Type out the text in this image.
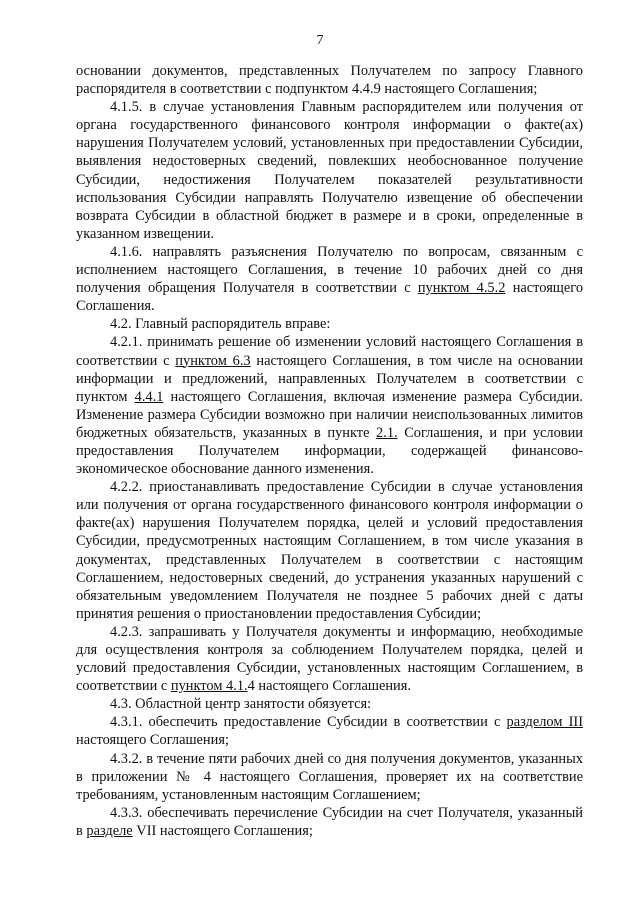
7

основании документов, представленных Получателем по запросу Главного распорядителя в соответствии с подпунктом 4.4.9 настоящего Соглашения;

4.1.5. в случае установления Главным распорядителем или получения от органа государственного финансового контроля информации о факте(ах) нарушения Получателем условий, установленных при предоставлении Субсидии, выявления недостоверных сведений, повлекших необоснованное получение Субсидии, недостижения Получателем показателей результативности использования Субсидии направлять Получателю извещение об обеспечении возврата Субсидии в областной бюджет в размере и в сроки, определенные в указанном извещении.

4.1.6. направлять разъяснения Получателю по вопросам, связанным с исполнением настоящего Соглашения, в течение 10 рабочих дней со дня получения обращения Получателя в соответствии с пунктом 4.5.2 настоящего Соглашения.

4.2. Главный распорядитель вправе:

4.2.1. принимать решение об изменении условий настоящего Соглашения в соответствии с пунктом 6.3 настоящего Соглашения, в том числе на основании информации и предложений, направленных Получателем в соответствии с пунктом 4.4.1 настоящего Соглашения, включая изменение размера Субсидии. Изменение размера Субсидии возможно при наличии неиспользованных лимитов бюджетных обязательств, указанных в пункте 2.1. Соглашения, и при условии предоставления Получателем информации, содержащей финансово-экономическое обоснование данного изменения.

4.2.2. приостанавливать предоставление Субсидии в случае установления или получения от органа государственного финансового контроля информации о факте(ах) нарушения Получателем порядка, целей и условий предоставления Субсидии, предусмотренных настоящим Соглашением, в том числе указания в документах, представленных Получателем в соответствии с настоящим Соглашением, недостоверных сведений, до устранения указанных нарушений с обязательным уведомлением Получателя не позднее 5 рабочих дней с даты принятия решения о приостановлении предоставления Субсидии;

4.2.3. запрашивать у Получателя документы и информацию, необходимые для осуществления контроля за соблюдением Получателем порядка, целей и условий предоставления Субсидии, установленных настоящим Соглашением, в соответствии с пунктом 4.1.4 настоящего Соглашения.

4.3. Областной центр занятости обязуется:

4.3.1. обеспечить предоставление Субсидии в соответствии с разделом III настоящего Соглашения;

4.3.2. в течение пяти рабочих дней со дня получения документов, указанных в приложении № 4 настоящего Соглашения, проверяет их на соответствие требованиям, установленным настоящим Соглашением;

4.3.3. обеспечивать перечисление Субсидии на счет Получателя, указанный в разделе VII настоящего Соглашения;
